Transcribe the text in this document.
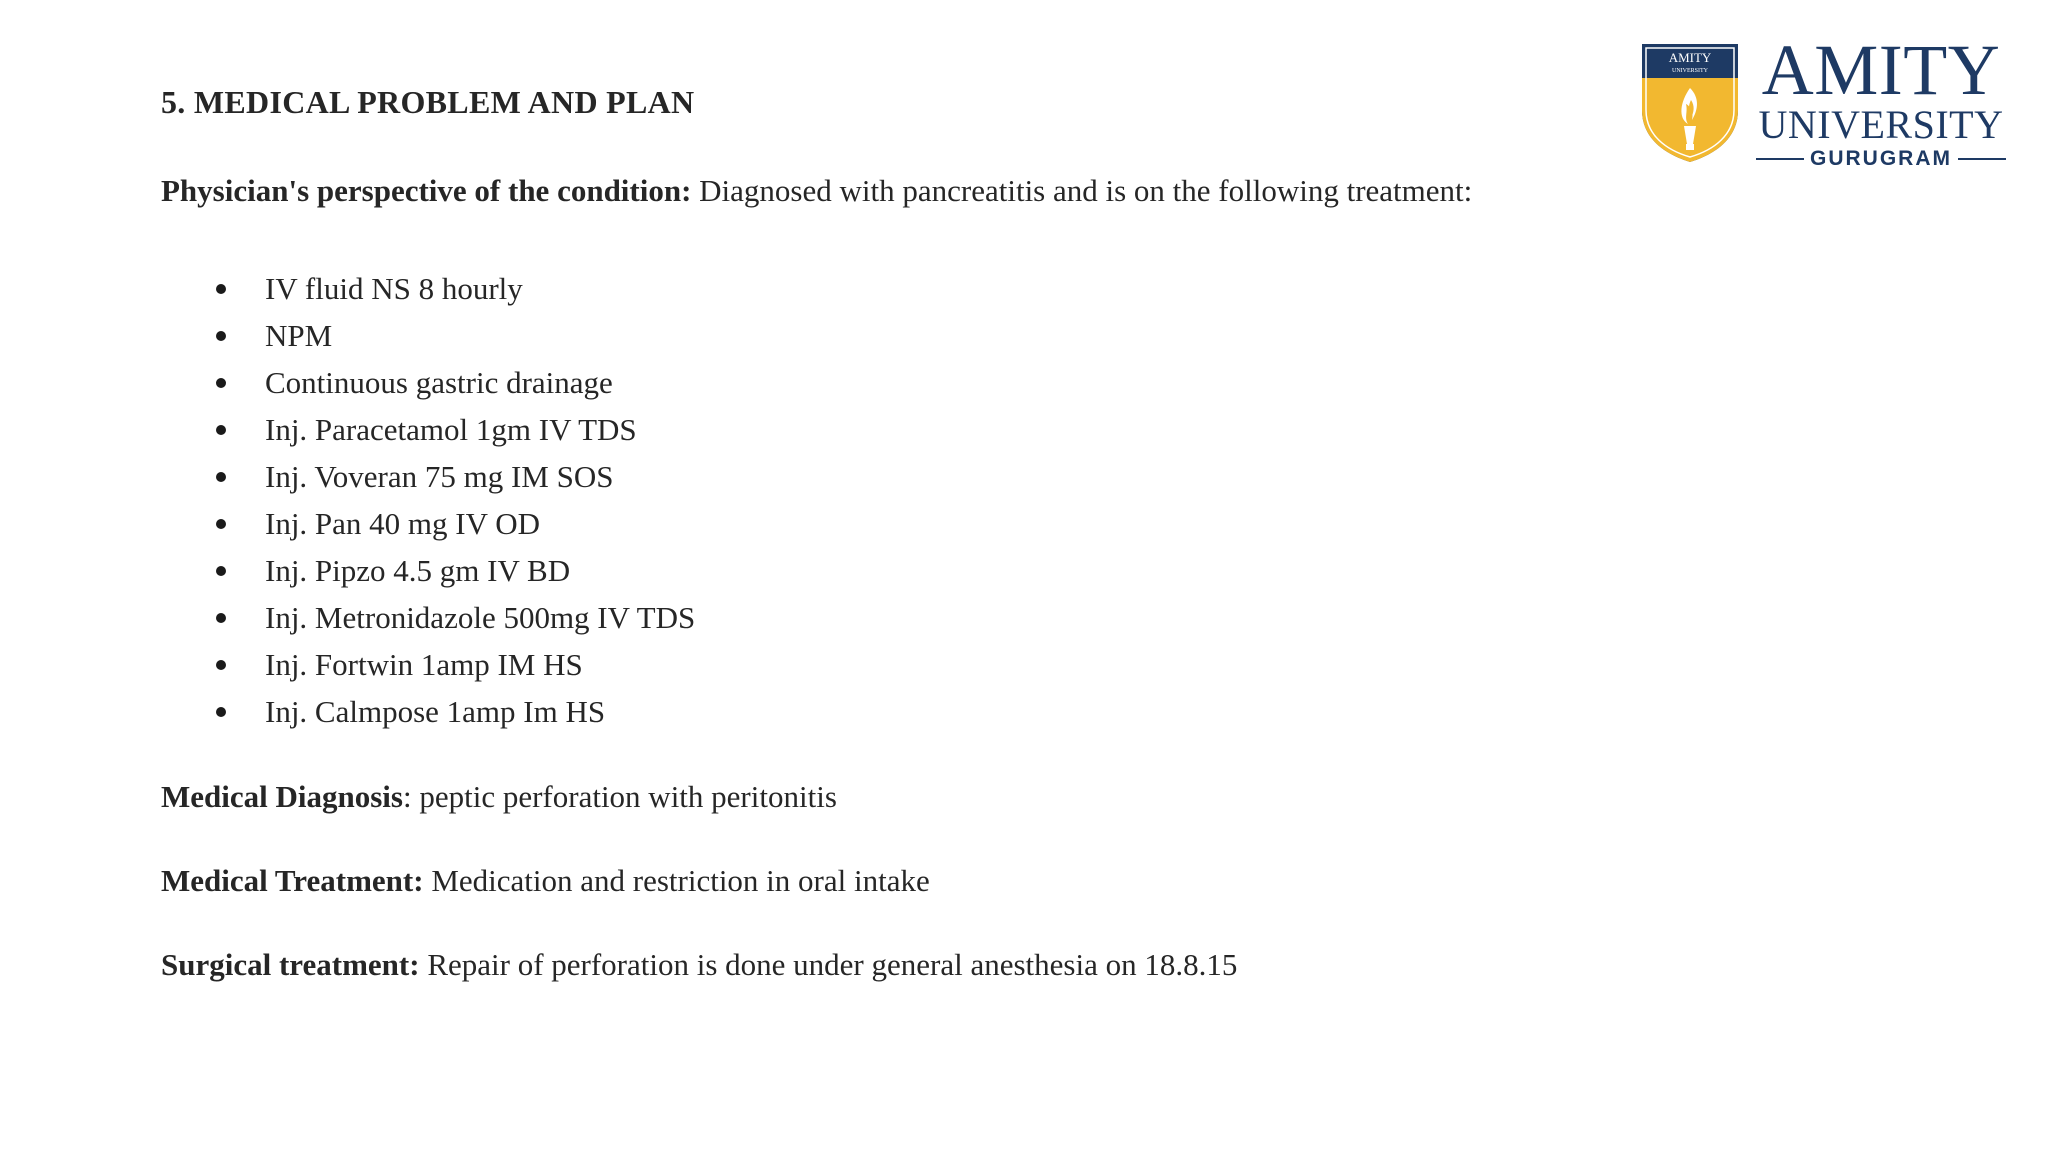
5. MEDICAL PROBLEM AND PLAN

Physician's perspective of the condition: Diagnosed with pancreatitis and is on the following treatment:

IV fluid NS 8 hourly
NPM
Continuous gastric drainage
Inj. Paracetamol 1gm IV TDS
Inj. Voveran 75 mg IM SOS
Inj. Pan 40 mg IV OD
Inj. Pipzo 4.5 gm IV BD
Inj. Metronidazole 500mg IV TDS
Inj. Fortwin 1amp IM HS
Inj. Calmpose 1amp Im HS

Medical Diagnosis: peptic perforation with peritonitis

Medical Treatment: Medication and restriction in oral intake

Surgical treatment: Repair of perforation is done under general anesthesia on 18.8.15

AMITY
UNIVERSITY AMITY
UNIVERSITY
GURUGRAM
